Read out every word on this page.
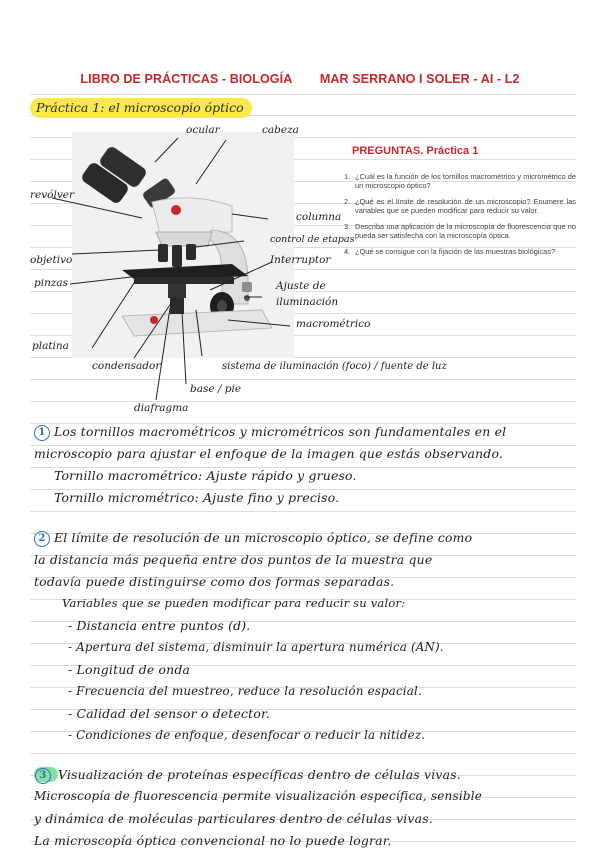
LIBRO DE PRÁCTICAS - BIOLOGÍA MAR SERRANO I SOLER - AI - L2
Práctica 1: el microscopio óptico
ocular	cabeza
revólver
columna
control de etapas
Interruptor
objetivo
pinzas	Ajuste de
iluminación
macrométrico
platina
condensador	sistema de iluminación (foco) / fuente de luz
base / pie
diafragma
PREGUNTAS. Práctica 1
1. ¿Cuál es la función de los tornillos macrométrico y micrométrico de un microscopio óptico?
2. ¿Qué es el límite de resolución de un microscopio? Enumere las variables que se pueden modificar para reducir su valor.
3. Describa una aplicación de la microscopía de fluorescencia que no pueda ser satisfecha con la microscopía óptica.
4. ¿Qué se consigue con la fijación de las muestras biológicas?
1 Los tornillos macrométricos y micrométricos son fundamentales en el
microscopio para ajustar el enfoque de la imagen que estás observando.
Tornillo macrométrico: Ajuste rápido y grueso.
Tornillo micrométrico: Ajuste fino y preciso.
2 El límite de resolución de un microscopio óptico, se define como
la distancia más pequeña entre dos puntos de la muestra que
todavía puede distinguirse como dos formas separadas.
Variables que se pueden modificar para reducir su valor:
- Distancia entre puntos (d).
- Apertura del sistema, disminuir la apertura numérica (AN).
- Longitud de onda
- Frecuencia del muestreo, reduce la resolución espacial.
- Calidad del sensor o detector.
- Condiciones de enfoque, desenfocar o reducir la nitidez.
3 Visualización de proteínas específicas dentro de células vivas.
Microscopía de fluorescencia permite visualización específica, sensible
y dinámica de moléculas particulares dentro de células vivas.
La microscopía óptica convencional no lo puede lograr.
